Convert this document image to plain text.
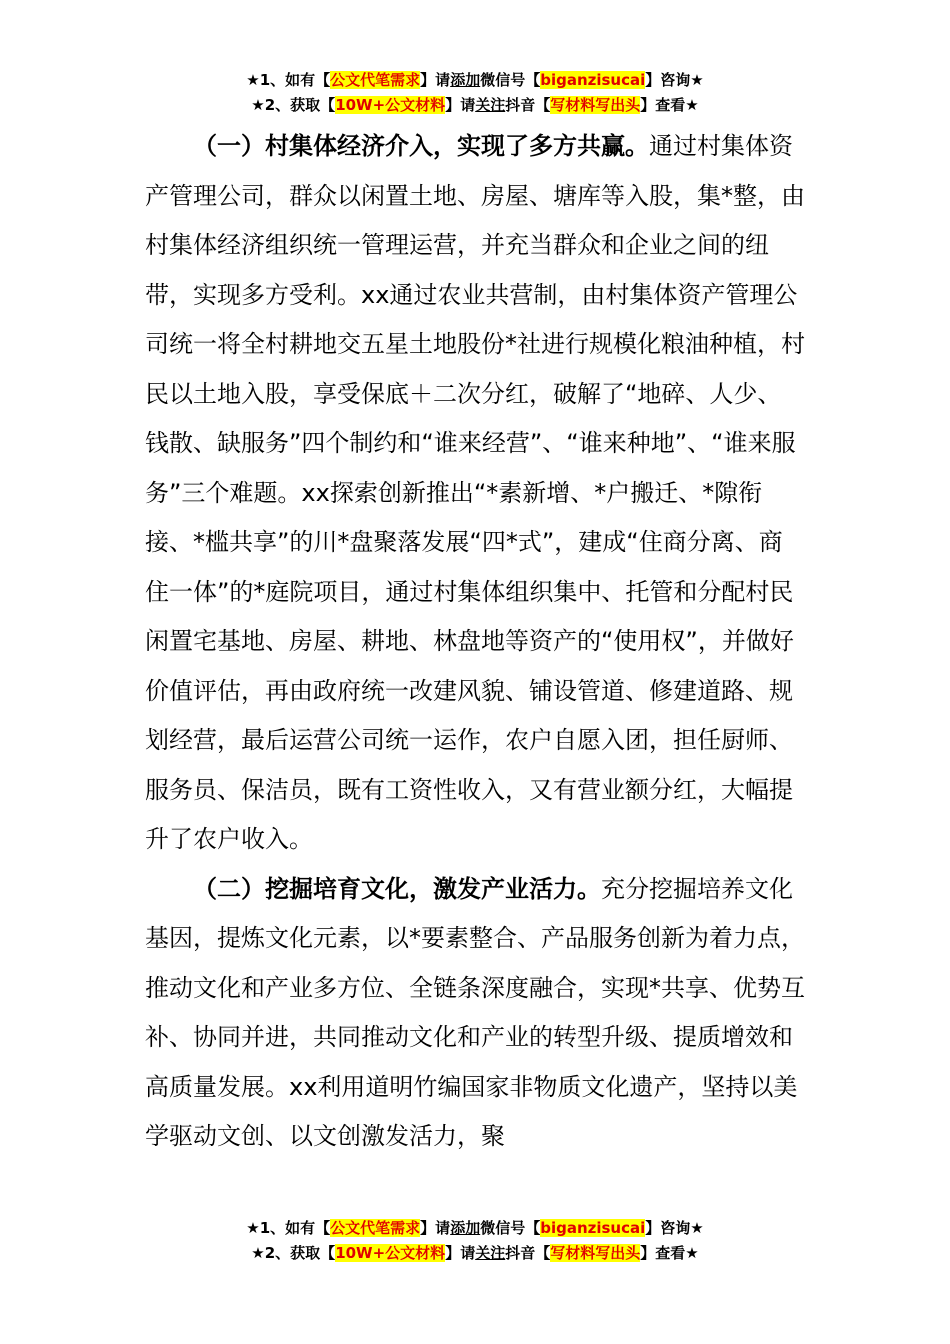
★1、如有【公文代笔需求】请添加微信号【biganzisucai】咨询★
★2、获取【10W+公文材料】请关注抖音【写材料写出头】查看★

（一）村集体经济介入，实现了多方共赢。通过村集体资产管理公司，群众以闲置土地、房屋、塘库等入股，集*整，由村集体经济组织统一管理运营，并充当群众和企业之间的纽带，实现多方受利。xx通过农业共营制，由村集体资产管理公司统一将全村耕地交五星土地股份*社进行规模化粮油种植，村民以土地入股，享受保底＋二次分红，破解了“地碎、人少、钱散、缺服务”四个制约和“谁来经营”、“谁来种地”、“谁来服务”三个难题。xx探索创新推出“*素新增、*户搬迁、*隙衔接、*槛共享”的川*盘聚落发展“四*式”，建成“住商分离、商住一体”的*庭院项目，通过村集体组织集中、托管和分配村民闲置宅基地、房屋、耕地、林盘地等资产的“使用权”，并做好价值评估，再由政府统一改建风貌、铺设管道、修建道路、规划经营，最后运营公司统一运作，农户自愿入团，担任厨师、服务员、保洁员，既有工资性收入，又有营业额分红，大幅提升了农户收入。

（二）挖掘培育文化，激发产业活力。充分挖掘培养文化基因，提炼文化元素，以*要素整合、产品服务创新为着力点，推动文化和产业多方位、全链条深度融合，实现*共享、优势互补、协同并进，共同推动文化和产业的转型升级、提质增效和高质量发展。xx利用道明竹编国家非物质文化遗产，坚持以美学驱动文创、以文创激发活力，聚

★1、如有【公文代笔需求】请添加微信号【biganzisucai】咨询★
★2、获取【10W+公文材料】请关注抖音【写材料写出头】查看★
